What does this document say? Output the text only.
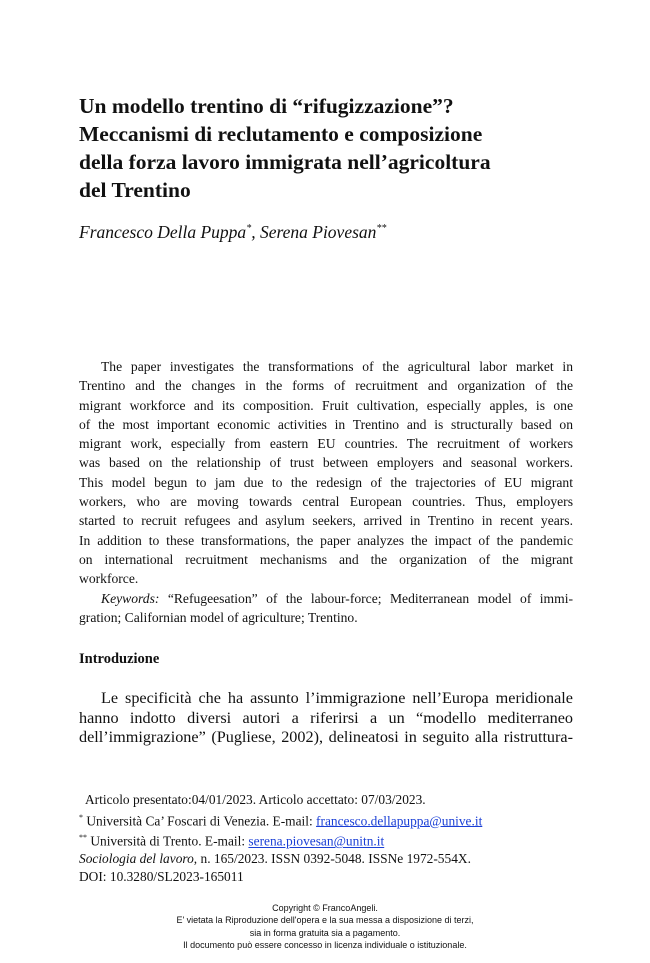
Un modello trentino di “rifugizzazione”?
Meccanismi di reclutamento e composizione
della forza lavoro immigrata nell’agricoltura
del Trentino
Francesco Della Puppa*, Serena Piovesan**
The paper investigates the transformations of the agricultural labor market in
Trentino and the changes in the forms of recruitment and organization of the
migrant workforce and its composition. Fruit cultivation, especially apples, is one
of the most important economic activities in Trentino and is structurally based on
migrant work, especially from eastern EU countries. The recruitment of workers
was based on the relationship of trust between employers and seasonal workers.
This model begun to jam due to the redesign of the trajectories of EU migrant
workers, who are moving towards central European countries. Thus, employers
started to recruit refugees and asylum seekers, arrived in Trentino in recent years.
In addition to these transformations, the paper analyzes the impact of the pandemic
on international recruitment mechanisms and the organization of the migrant
workforce.
Keywords: “Refugeesation” of the labour-force; Mediterranean model of immi-
gration; Californian model of agriculture; Trentino.
Introduzione
Le specificità che ha assunto l’immigrazione nell’Europa meridionale
hanno indotto diversi autori a riferirsi a un “modello mediterraneo
dell’immigrazione” (Pugliese, 2002), delineatosi in seguito alla ristruttura-
Articolo presentato:04/01/2023. Articolo accettato: 07/03/2023.
* Università Ca’ Foscari di Venezia. E-mail: francesco.dellapuppa@unive.it
** Università di Trento. E-mail: serena.piovesan@unitn.it
Sociologia del lavoro, n. 165/2023. ISSN 0392-5048. ISSNe 1972-554X.
DOI: 10.3280/SL2023-165011
Copyright © FrancoAngeli.
E' vietata la Riproduzione dell'opera e la sua messa a disposizione di terzi,
sia in forma gratuita sia a pagamento.
Il documento può essere concesso in licenza individuale o istituzionale.
